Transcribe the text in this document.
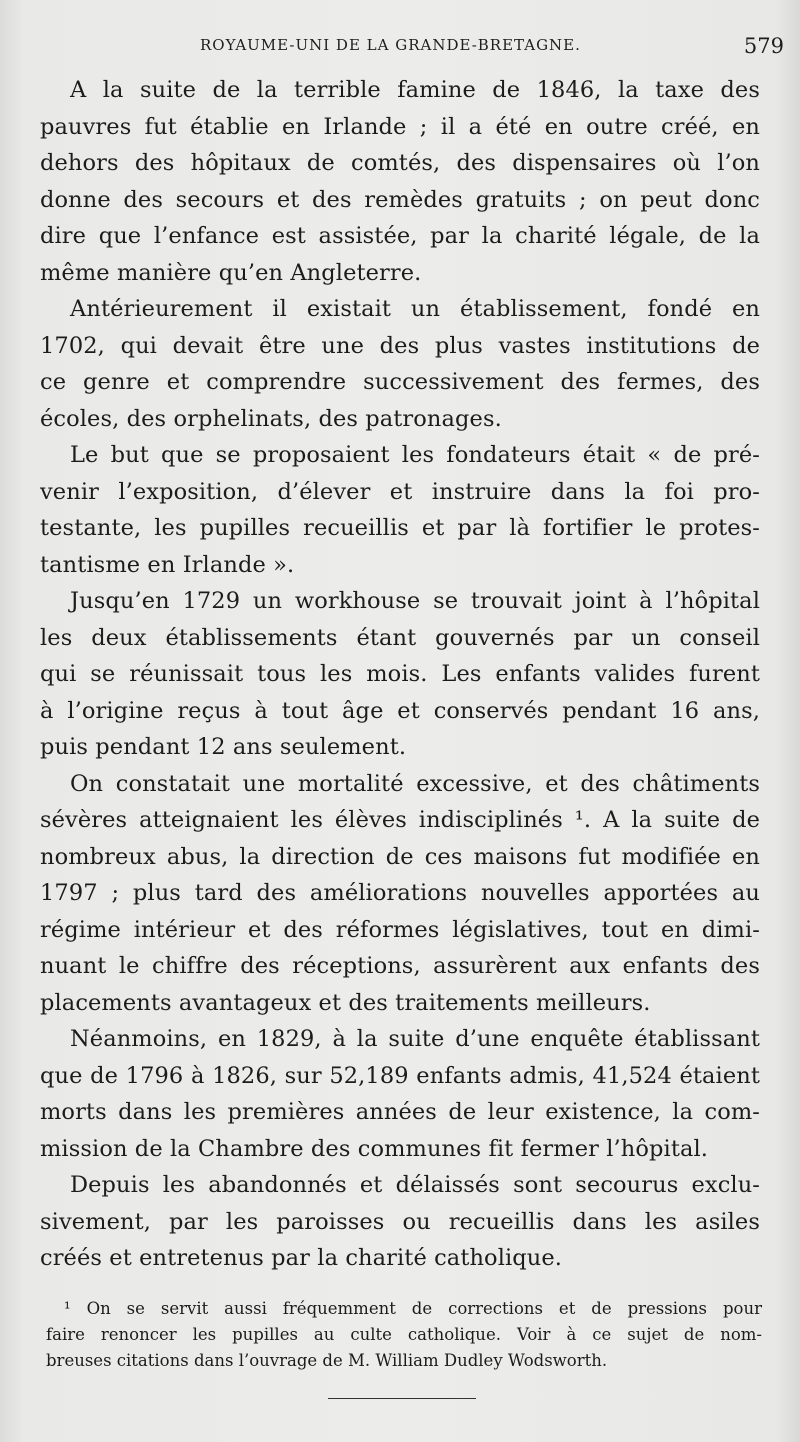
ROYAUME-UNI DE LA GRANDE-BRETAGNE.	579
A la suite de la terrible famine de 1846, la taxe des
pauvres fut établie en Irlande ; il a été en outre créé, en
dehors des hôpitaux de comtés, des dispensaires où l’on
donne des secours et des remèdes gratuits ; on peut donc
dire que l’enfance est assistée, par la charité légale, de la
même manière qu’en Angleterre.
Antérieurement il existait un établissement, fondé en
1702, qui devait être une des plus vastes institutions de
ce genre et comprendre successivement des fermes, des
écoles, des orphelinats, des patronages.
Le but que se proposaient les fondateurs était « de pré-
venir l’exposition, d’élever et instruire dans la foi pro-
testante, les pupilles recueillis et par là fortifier le protes-
tantisme en Irlande ».
Jusqu’en 1729 un workhouse se trouvait joint à l’hôpital
les deux établissements étant gouvernés par un conseil
qui se réunissait tous les mois. Les enfants valides furent
à l’origine reçus à tout âge et conservés pendant 16 ans,
puis pendant 12 ans seulement.
On constatait une mortalité excessive, et des châtiments
sévères atteignaient les élèves indisciplinés ¹. A la suite de
nombreux abus, la direction de ces maisons fut modifiée en
1797 ; plus tard des améliorations nouvelles apportées au
régime intérieur et des réformes législatives, tout en dimi-
nuant le chiffre des réceptions, assurèrent aux enfants des
placements avantageux et des traitements meilleurs.
Néanmoins, en 1829, à la suite d’une enquête établissant
que de 1796 à 1826, sur 52,189 enfants admis, 41,524 étaient
morts dans les premières années de leur existence, la com-
mission de la Chambre des communes fit fermer l’hôpital.
Depuis les abandonnés et délaissés sont secourus exclu-
sivement, par les paroisses ou recueillis dans les asiles
créés et entretenus par la charité catholique.
¹ On se servit aussi fréquemment de corrections et de pressions pour
faire renoncer les pupilles au culte catholique. Voir à ce sujet de nom-
breuses citations dans l’ouvrage de M. William Dudley Wodsworth.
